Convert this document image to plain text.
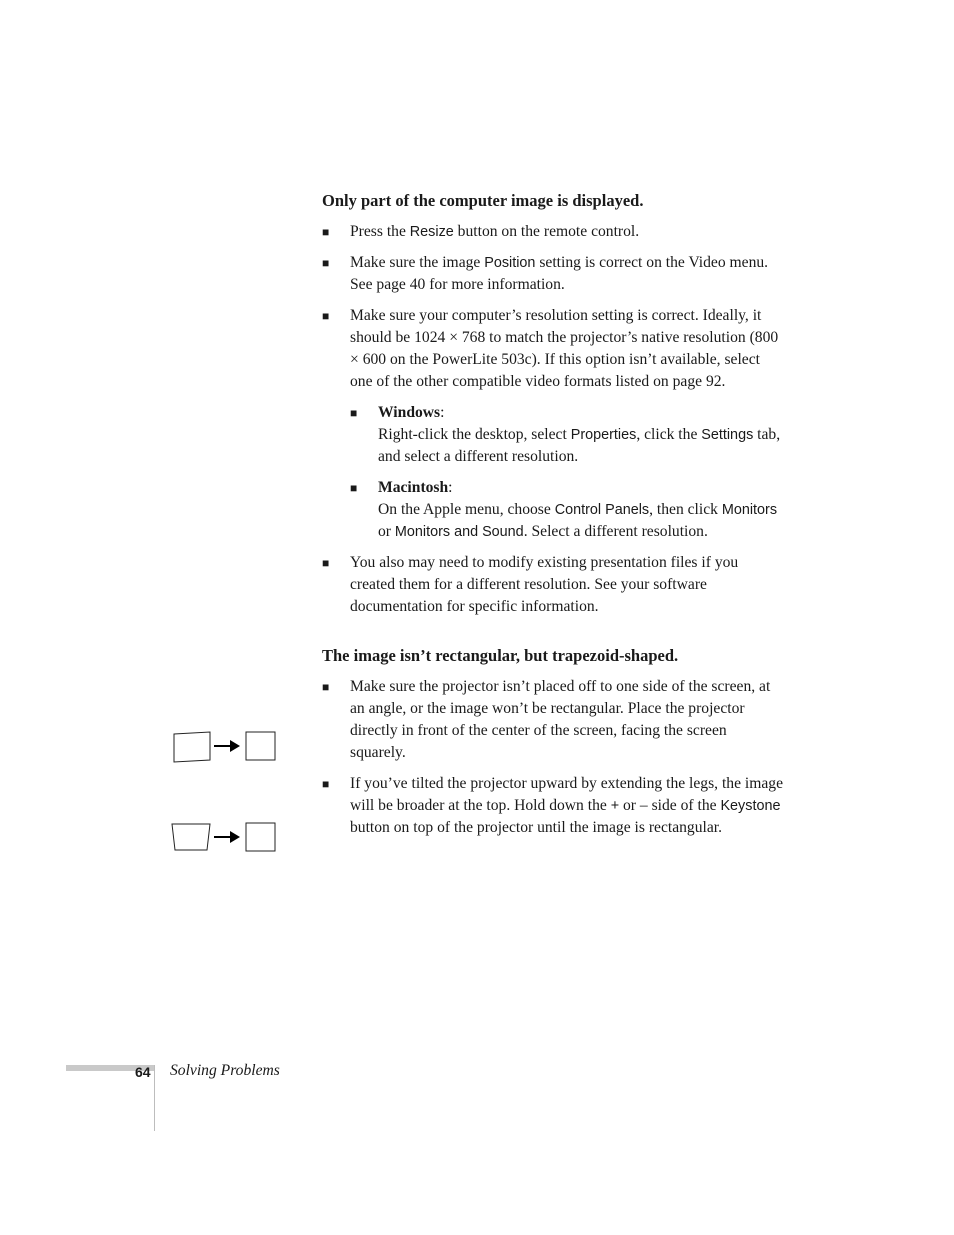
Only part of the computer image is displayed.
■ Press the Resize button on the remote control.
■ Make sure the image Position setting is correct on the Video menu. See page 40 for more information.
■ Make sure your computer’s resolution setting is correct. Ideally, it should be 1024 × 768 to match the projector’s native resolution (800 × 600 on the PowerLite 503c). If this option isn’t available, select one of the other compatible video formats listed on page 92.
■ Windows:
Right-click the desktop, select Properties, click the Settings tab, and select a different resolution.
■ Macintosh:
On the Apple menu, choose Control Panels, then click Monitors or Monitors and Sound. Select a different resolution.
■ You also may need to modify existing presentation files if you created them for a different resolution. See your software documentation for specific information.
The image isn’t rectangular, but trapezoid-shaped.
■ Make sure the projector isn’t placed off to one side of the screen, at an angle, or the image won’t be rectangular. Place the projector directly in front of the center of the screen, facing the screen squarely.
■ If you’ve tilted the projector upward by extending the legs, the image will be broader at the top. Hold down the + or – side of the Keystone button on top of the projector until the image is rectangular.
64 Solving Problems
